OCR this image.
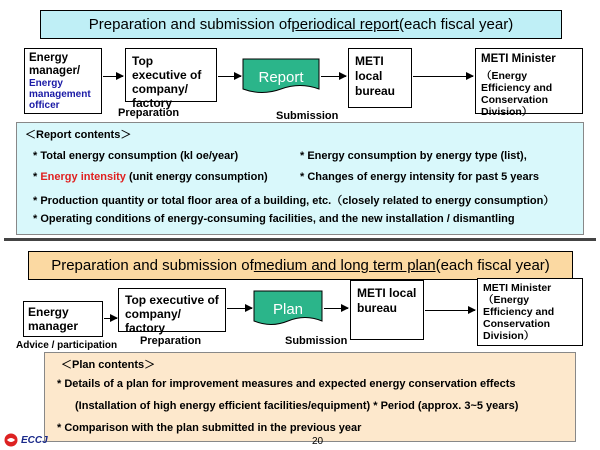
Preparation and submission of periodical report (each fiscal year)
Energy manager/
Energy management officer
Top executive of company/ factory
Preparation
Report
METI local bureau
Submission
METI Minister
（Energy Efficiency and Conservation Division）
＜Report contents＞
* Total energy consumption (kl oe/year)	* Energy consumption by energy type (list),
* Energy intensity (unit energy consumption)	* Changes of energy intensity for past 5 years
* Production quantity or total floor area of a building, etc.（closely related to energy consumption）
* Operating conditions of energy-consuming facilities, and the new installation / dismantling
Preparation and submission of medium and long term plan (each fiscal year)
Energy manager
Advice / participation
Top executive of company/ factory
Preparation
Plan
METI local bureau
Submission
METI Minister
（Energy Efficiency and Conservation Division）
＜Plan contents＞
* Details of a plan for improvement measures and expected energy conservation effects
(Installation of high energy efficient facilities/equipment) * Period (approx. 3~5 years)
* Comparison with the plan submitted in the previous year
ECCJ	20
